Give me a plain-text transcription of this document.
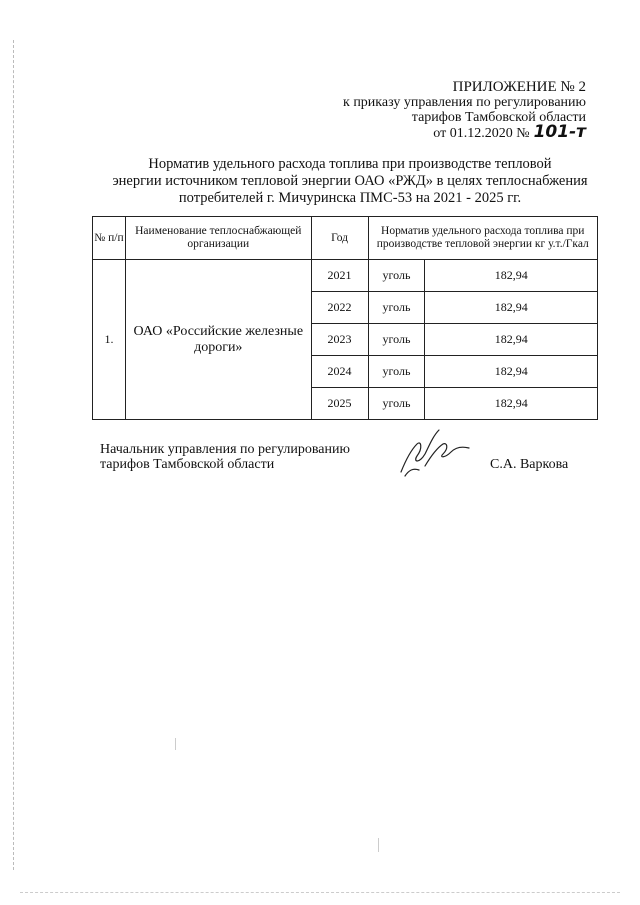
ПРИЛОЖЕНИЕ № 2
к приказу управления по регулированию
тарифов Тамбовской области
от 01.12.2020 № 101-т
Норматив удельного расхода топлива при производстве тепловой
энергии источником тепловой энергии ОАО «РЖД» в целях теплоснабжения
потребителей г. Мичуринска ПМС-53 на 2021 - 2025 гг.
№ п/п	Наименование теплоснабжающей организации	Год	Норматив удельного расхода топлива при производстве тепловой энергии кг у.т./Гкал	
1.	ОАО «Российские железные дороги»	2021	уголь	182,94
		2022	уголь	182,94
		2023	уголь	182,94
		2024	уголь	182,94
		2025	уголь	182,94
Начальник управления по регулированию
тарифов Тамбовской области	С.А. Варкова
